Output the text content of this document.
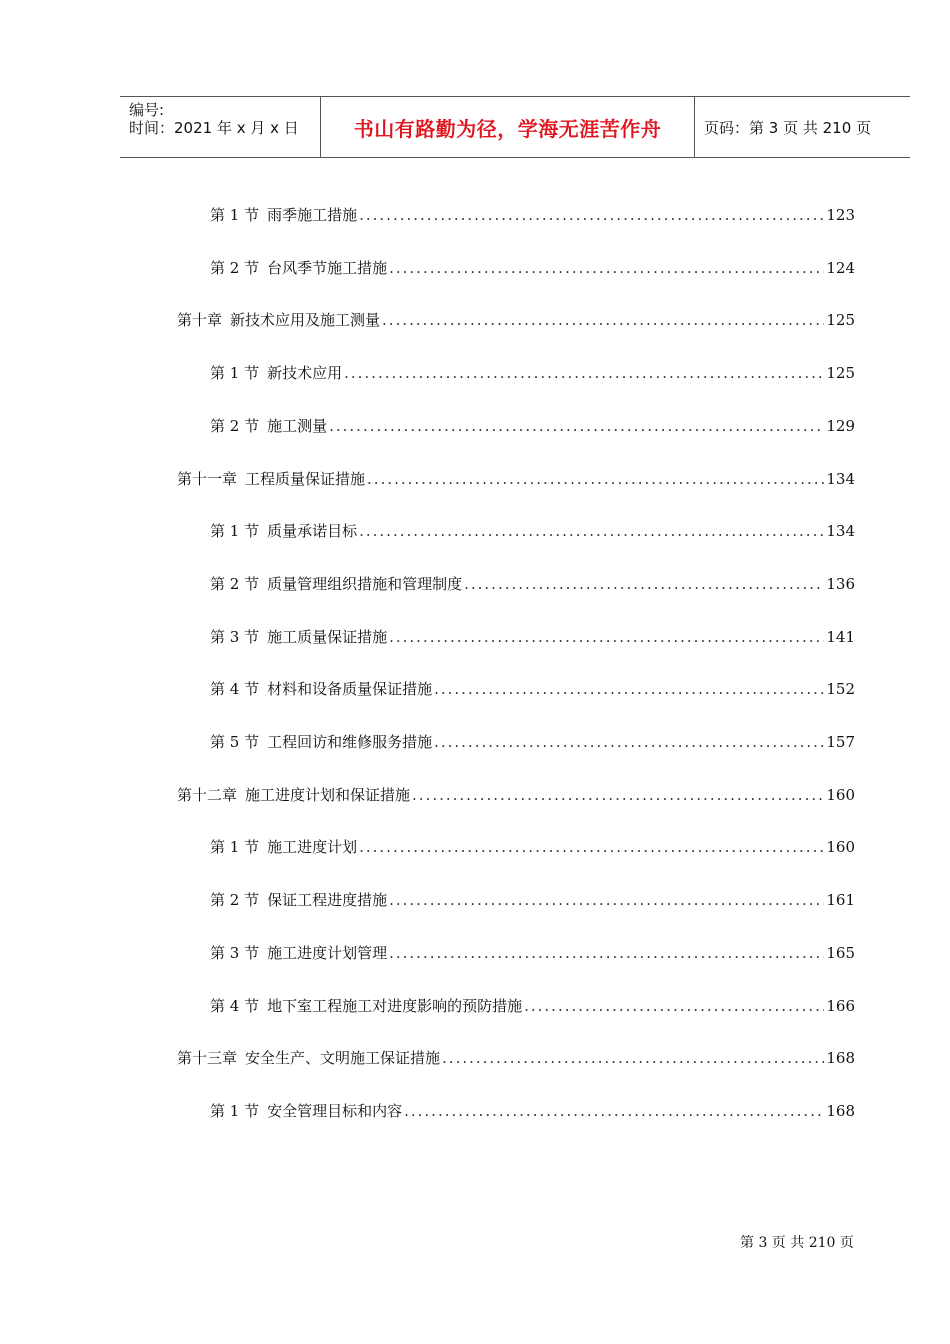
编号:
时间：2021 年 x 月 x 日	书山有路勤为径，学海无涯苦作舟	页码：第 3 页 共 210 页
第 1 节 雨季施工措施 .....	123
第 2 节 台风季节施工措施 .....	124
第十章 新技术应用及施工测量 .....	125
第 1 节 新技术应用 .....	125
第 2 节 施工测量 .....	129
第十一章 工程质量保证措施 .....	134
第 1 节 质量承诺目标 .....	134
第 2 节 质量管理组织措施和管理制度 .....	136
第 3 节 施工质量保证措施 .....	141
第 4 节 材料和设备质量保证措施 .....	152
第 5 节 工程回访和维修服务措施 .....	157
第十二章 施工进度计划和保证措施 .....	160
第 1 节 施工进度计划 .....	160
第 2 节 保证工程进度措施 .....	161
第 3 节 施工进度计划管理 .....	165
第 4 节 地下室工程施工对进度影响的预防措施 .....	166
第十三章 安全生产、文明施工保证措施 .....	168
第 1 节 安全管理目标和内容 .....	168
第 3 页 共 210 页
